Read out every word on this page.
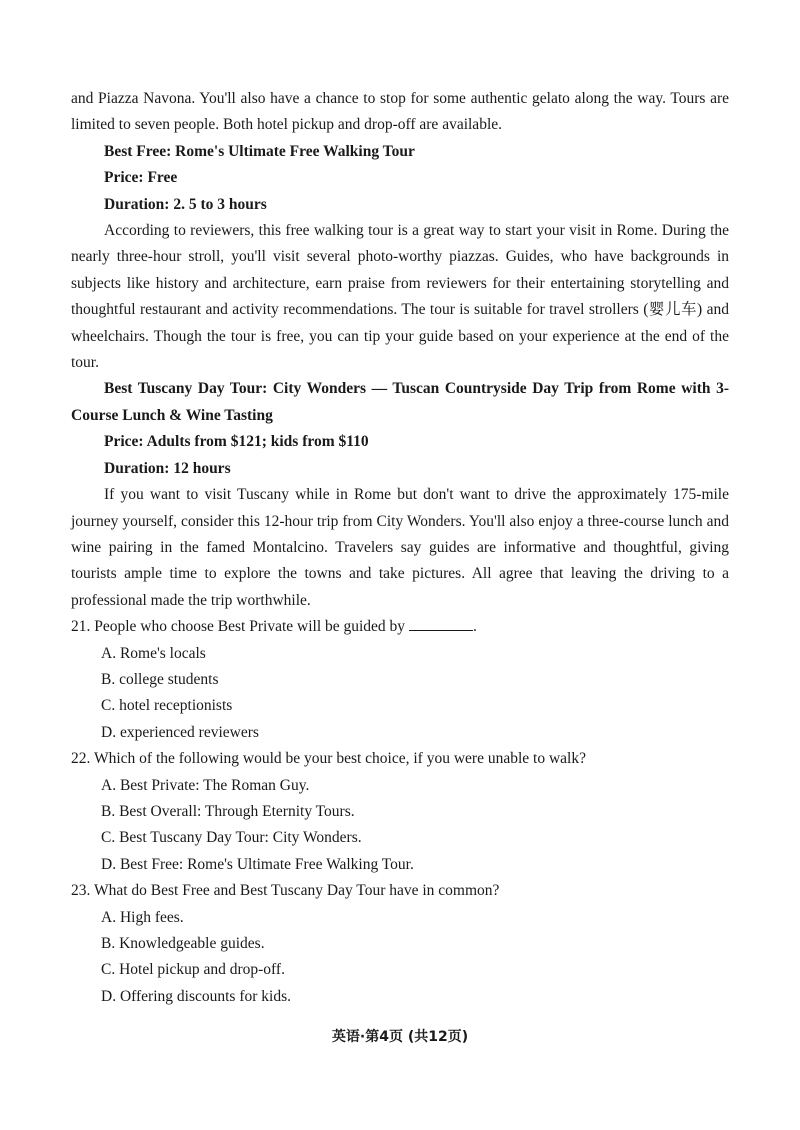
and Piazza Navona. You'll also have a chance to stop for some authentic gelato along the way. Tours are limited to seven people. Both hotel pickup and drop-off are available.

Best Free: Rome's Ultimate Free Walking Tour

Price: Free

Duration: 2. 5 to 3 hours

According to reviewers, this free walking tour is a great way to start your visit in Rome. During the nearly three-hour stroll, you'll visit several photo-worthy piazzas. Guides, who have backgrounds in subjects like history and architecture, earn praise from reviewers for their entertaining storytelling and thoughtful restaurant and activity recommendations. The tour is suitable for travel strollers (婴儿车) and wheelchairs. Though the tour is free, you can tip your guide based on your experience at the end of the tour.

Best Tuscany Day Tour: City Wonders — Tuscan Countryside Day Trip from Rome with 3-Course Lunch & Wine Tasting

Price: Adults from $121; kids from $110

Duration: 12 hours

If you want to visit Tuscany while in Rome but don't want to drive the approximately 175-mile journey yourself, consider this 12-hour trip from City Wonders. You'll also enjoy a three-course lunch and wine pairing in the famed Montalcino. Travelers say guides are informative and thoughtful, giving tourists ample time to explore the towns and take pictures. All agree that leaving the driving to a professional made the trip worthwhile.

21. People who choose Best Private will be guided by	.

A. Rome's locals

B. college students

C. hotel receptionists

D. experienced reviewers

22. Which of the following would be your best choice, if you were unable to walk?

A. Best Private: The Roman Guy.

B. Best Overall: Through Eternity Tours.

C. Best Tuscany Day Tour: City Wonders.

D. Best Free: Rome's Ultimate Free Walking Tour.

23. What do Best Free and Best Tuscany Day Tour have in common?

A. High fees.

B. Knowledgeable guides.

C. Hotel pickup and drop-off.

D. Offering discounts for kids.

英语·第4页 (共12页)
